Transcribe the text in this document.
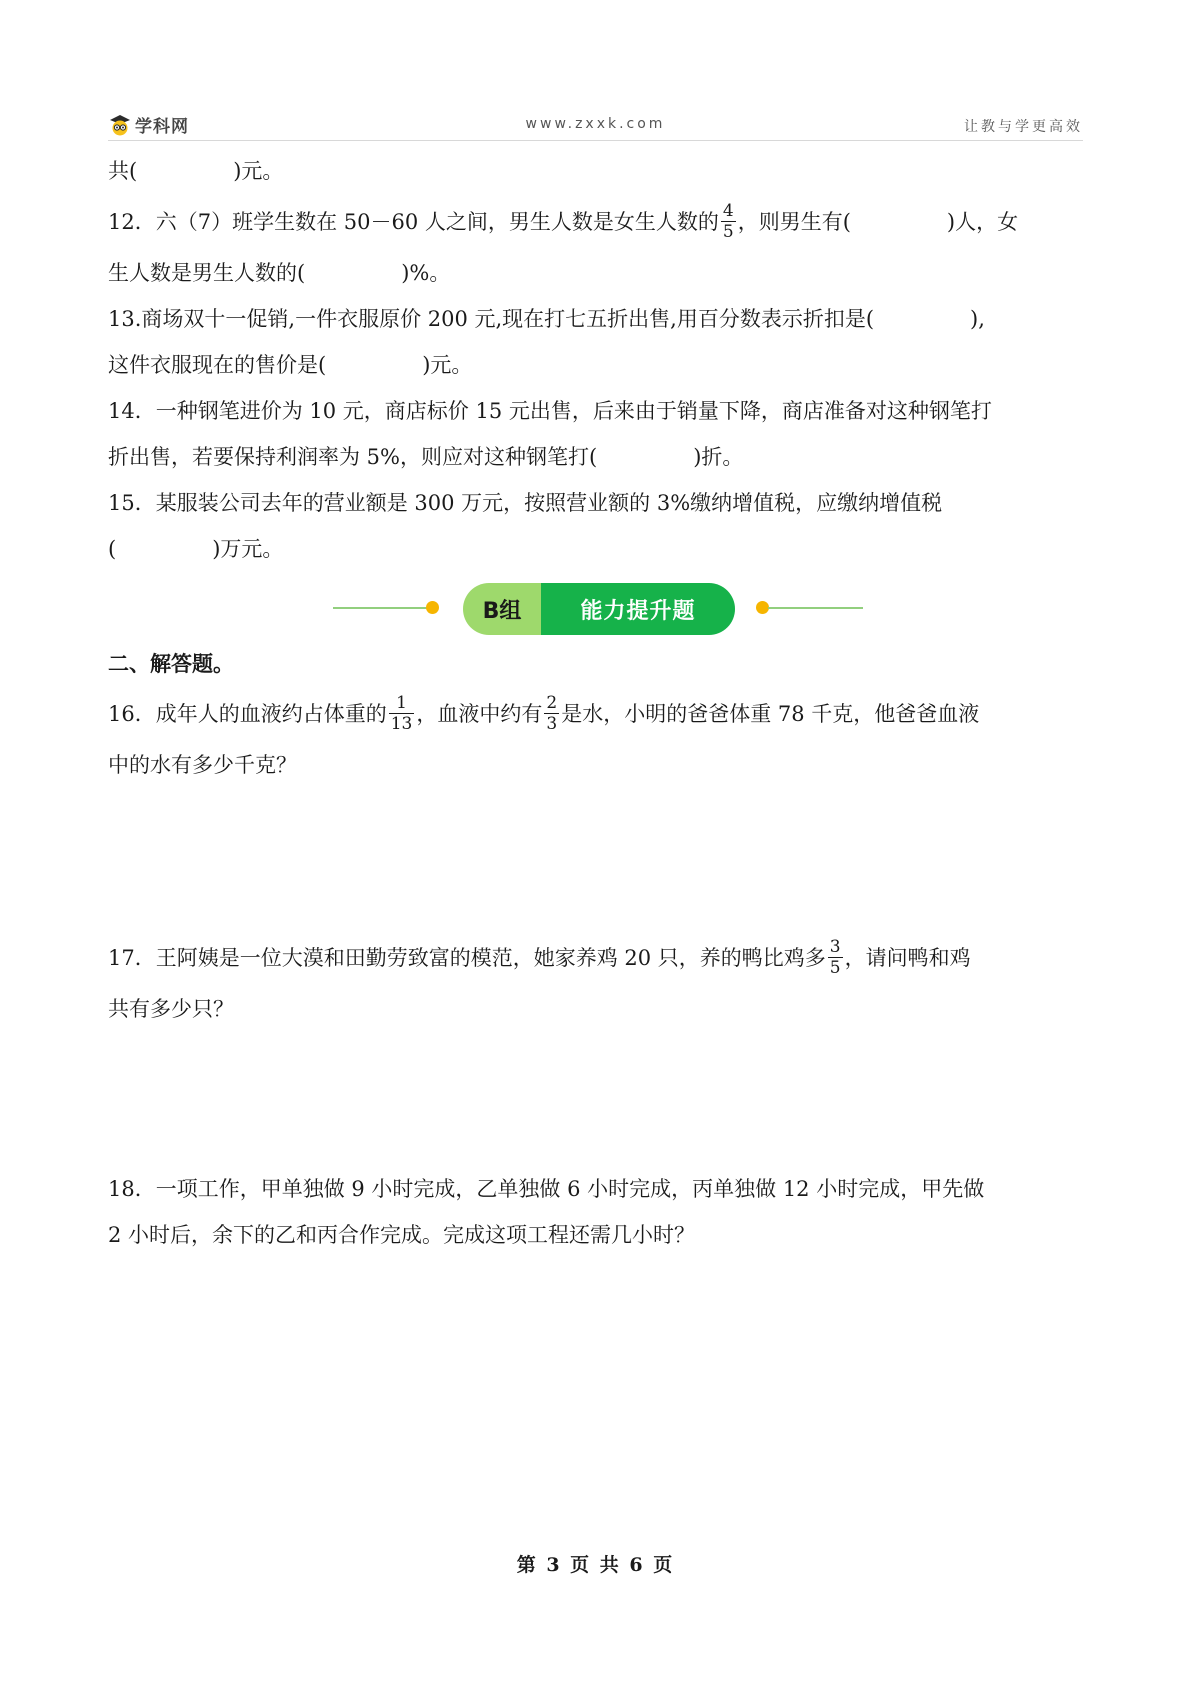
学科网	www.zxxk.com	让教与学更高效
共(	)元。
12．六（7）班学生数在 50－60 人之间，男生人数是女生人数的 $\frac{4}{5}$ ，则男生有(	)人，女
生人数是男生人数的(	)%。
13.商场双十一促销,一件衣服原价 200 元,现在打七五折出售,用百分数表示折扣是(	),
这件衣服现在的售价是(	)元。
14．一种钢笔进价为 10 元，商店标价 15 元出售，后来由于销量下降，商店准备对这种钢笔打
折出售，若要保持利润率为 5%，则应对这种钢笔打(	)折。
15．某服装公司去年的营业额是 300 万元，按照营业额的 3%缴纳增值税，应缴纳增值税
(	)万元。
B组	能力提升题
二、解答题。
16．成年人的血液约占体重的 $\frac{1}{13}$ ，血液中约有 $\frac{2}{3}$ 是水，小明的爸爸体重 78 千克，他爸爸血液
中的水有多少千克？
17．王阿姨是一位大漠和田勤劳致富的模范，她家养鸡 20 只，养的鸭比鸡多 $\frac{3}{5}$ ，请问鸭和鸡
共有多少只？
18．一项工作，甲单独做 9 小时完成，乙单独做 6 小时完成，丙单独做 12 小时完成，甲先做
2 小时后，余下的乙和丙合作完成。完成这项工程还需几小时？
第 3 页 共 6 页
